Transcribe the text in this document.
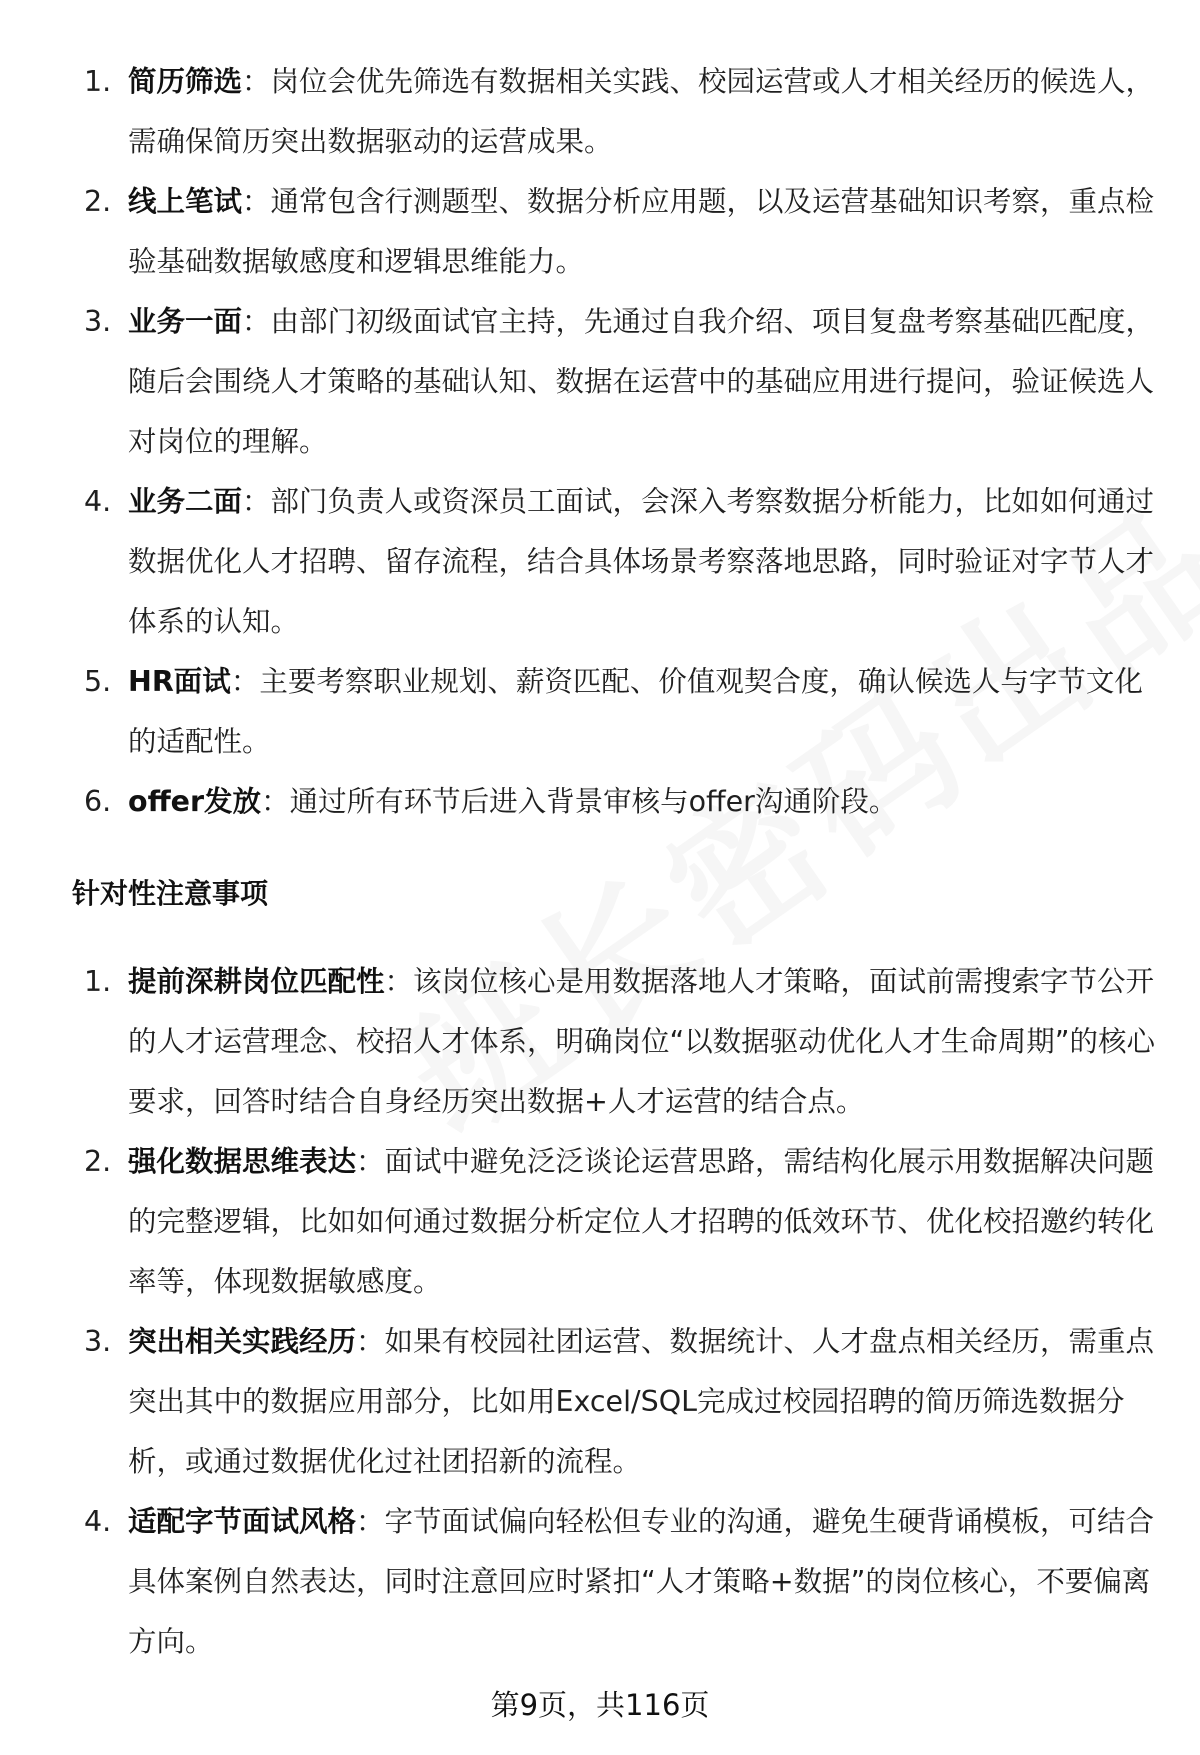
1. 简历筛选：岗位会优先筛选有数据相关实践、校园运营或人才相关经历的候选人，需确保简历突出数据驱动的运营成果。
2. 线上笔试：通常包含行测题型、数据分析应用题，以及运营基础知识考察，重点检验基础数据敏感度和逻辑思维能力。
3. 业务一面：由部门初级面试官主持，先通过自我介绍、项目复盘考察基础匹配度，随后会围绕人才策略的基础认知、数据在运营中的基础应用进行提问，验证候选人对岗位的理解。
4. 业务二面：部门负责人或资深员工面试，会深入考察数据分析能力，比如如何通过数据优化人才招聘、留存流程，结合具体场景考察落地思路，同时验证对字节人才体系的认知。
5. HR面试：主要考察职业规划、薪资匹配、价值观契合度，确认候选人与字节文化的适配性。
6. offer发放：通过所有环节后进入背景审核与offer沟通阶段。
针对性注意事项
1. 提前深耕岗位匹配性：该岗位核心是用数据落地人才策略，面试前需搜索字节公开的人才运营理念、校招人才体系，明确岗位“以数据驱动优化人才生命周期”的核心要求，回答时结合自身经历突出数据+人才运营的结合点。
2. 强化数据思维表达：面试中避免泛泛谈论运营思路，需结构化展示用数据解决问题的完整逻辑，比如如何通过数据分析定位人才招聘的低效环节、优化校招邀约转化率等，体现数据敏感度。
3. 突出相关实践经历：如果有校园社团运营、数据统计、人才盘点相关经历，需重点突出其中的数据应用部分，比如用Excel/SQL完成过校园招聘的简历筛选数据分析，或通过数据优化过社团招新的流程。
4. 适配字节面试风格：字节面试偏向轻松但专业的沟通，避免生硬背诵模板，可结合具体案例自然表达，同时注意回应时紧扣“人才策略+数据”的岗位核心，不要偏离方向。
第9页，共116页
